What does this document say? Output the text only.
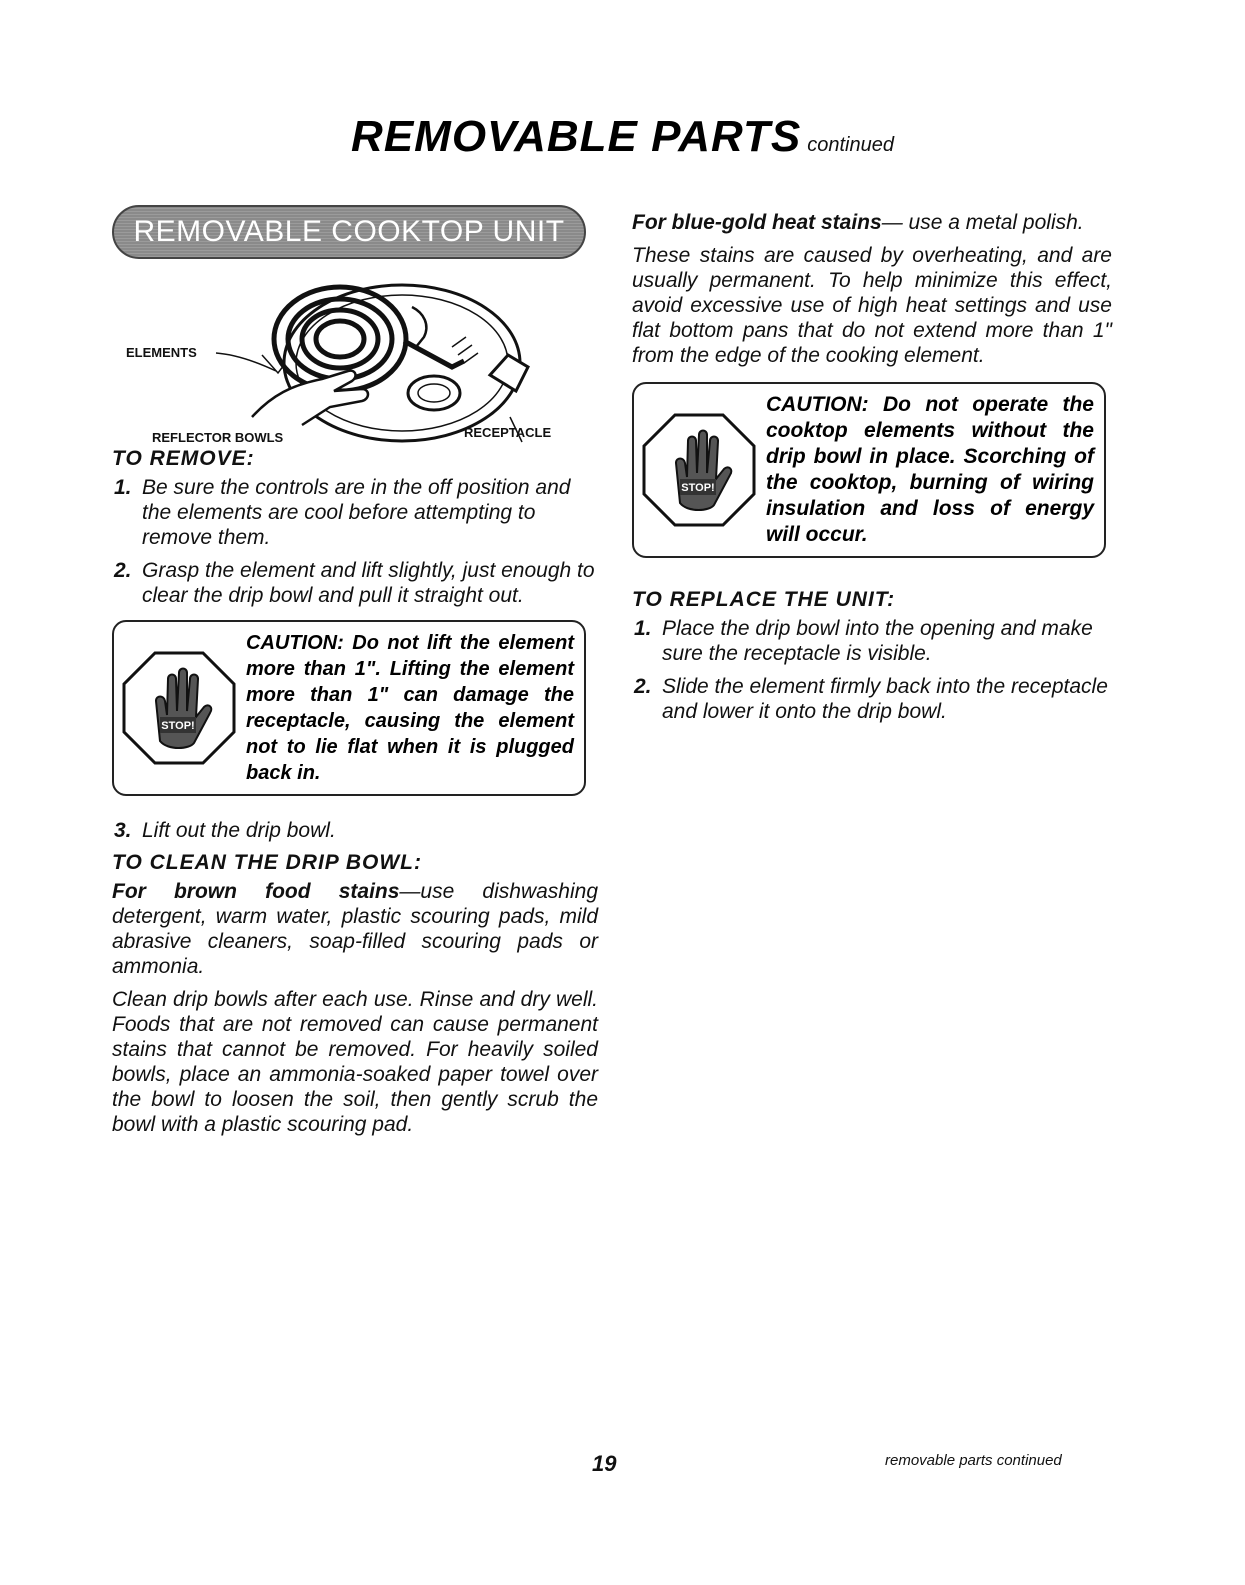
REMOVABLE PARTS continued
REMOVABLE COOKTOP UNIT
ELEMENTS
REFLECTOR BOWLS	RECEPTACLE
TO REMOVE:
1. Be sure the controls are in the off position and the elements are cool before attempting to remove them.
2. Grasp the element and lift slightly, just enough to clear the drip bowl and pull it straight out.
STOP!
CAUTION: Do not lift the element more than 1". Lifting the element more than 1" can damage the receptacle, causing the element not to lie flat when it is plugged back in.
3. Lift out the drip bowl.
TO CLEAN THE DRIP BOWL:

For brown food stains—use dishwashing detergent, warm water, plastic scouring pads, mild abrasive cleaners, soap-filled scouring pads or ammonia.

Clean drip bowls after each use. Rinse and dry well. Foods that are not removed can cause permanent stains that cannot be removed. For heavily soiled bowls, place an ammonia-soaked paper towel over the bowl to loosen the soil, then gently scrub the bowl with a plastic scouring pad.

For blue-gold heat stains— use a metal polish.

These stains are caused by overheating, and are usually permanent. To help minimize this effect, avoid excessive use of high heat settings and use flat bottom pans that do not extend more than 1" from the edge of the cooking element.

STOP!
CAUTION: Do not operate the cooktop elements without the drip bowl in place. Scorching of the cooktop, burning of wiring insulation and loss of energy will occur.
TO REPLACE THE UNIT:
1. Place the drip bowl into the opening and make sure the receptacle is visible.
2. Slide the element firmly back into the receptacle and lower it onto the drip bowl.
19	removable parts continued
